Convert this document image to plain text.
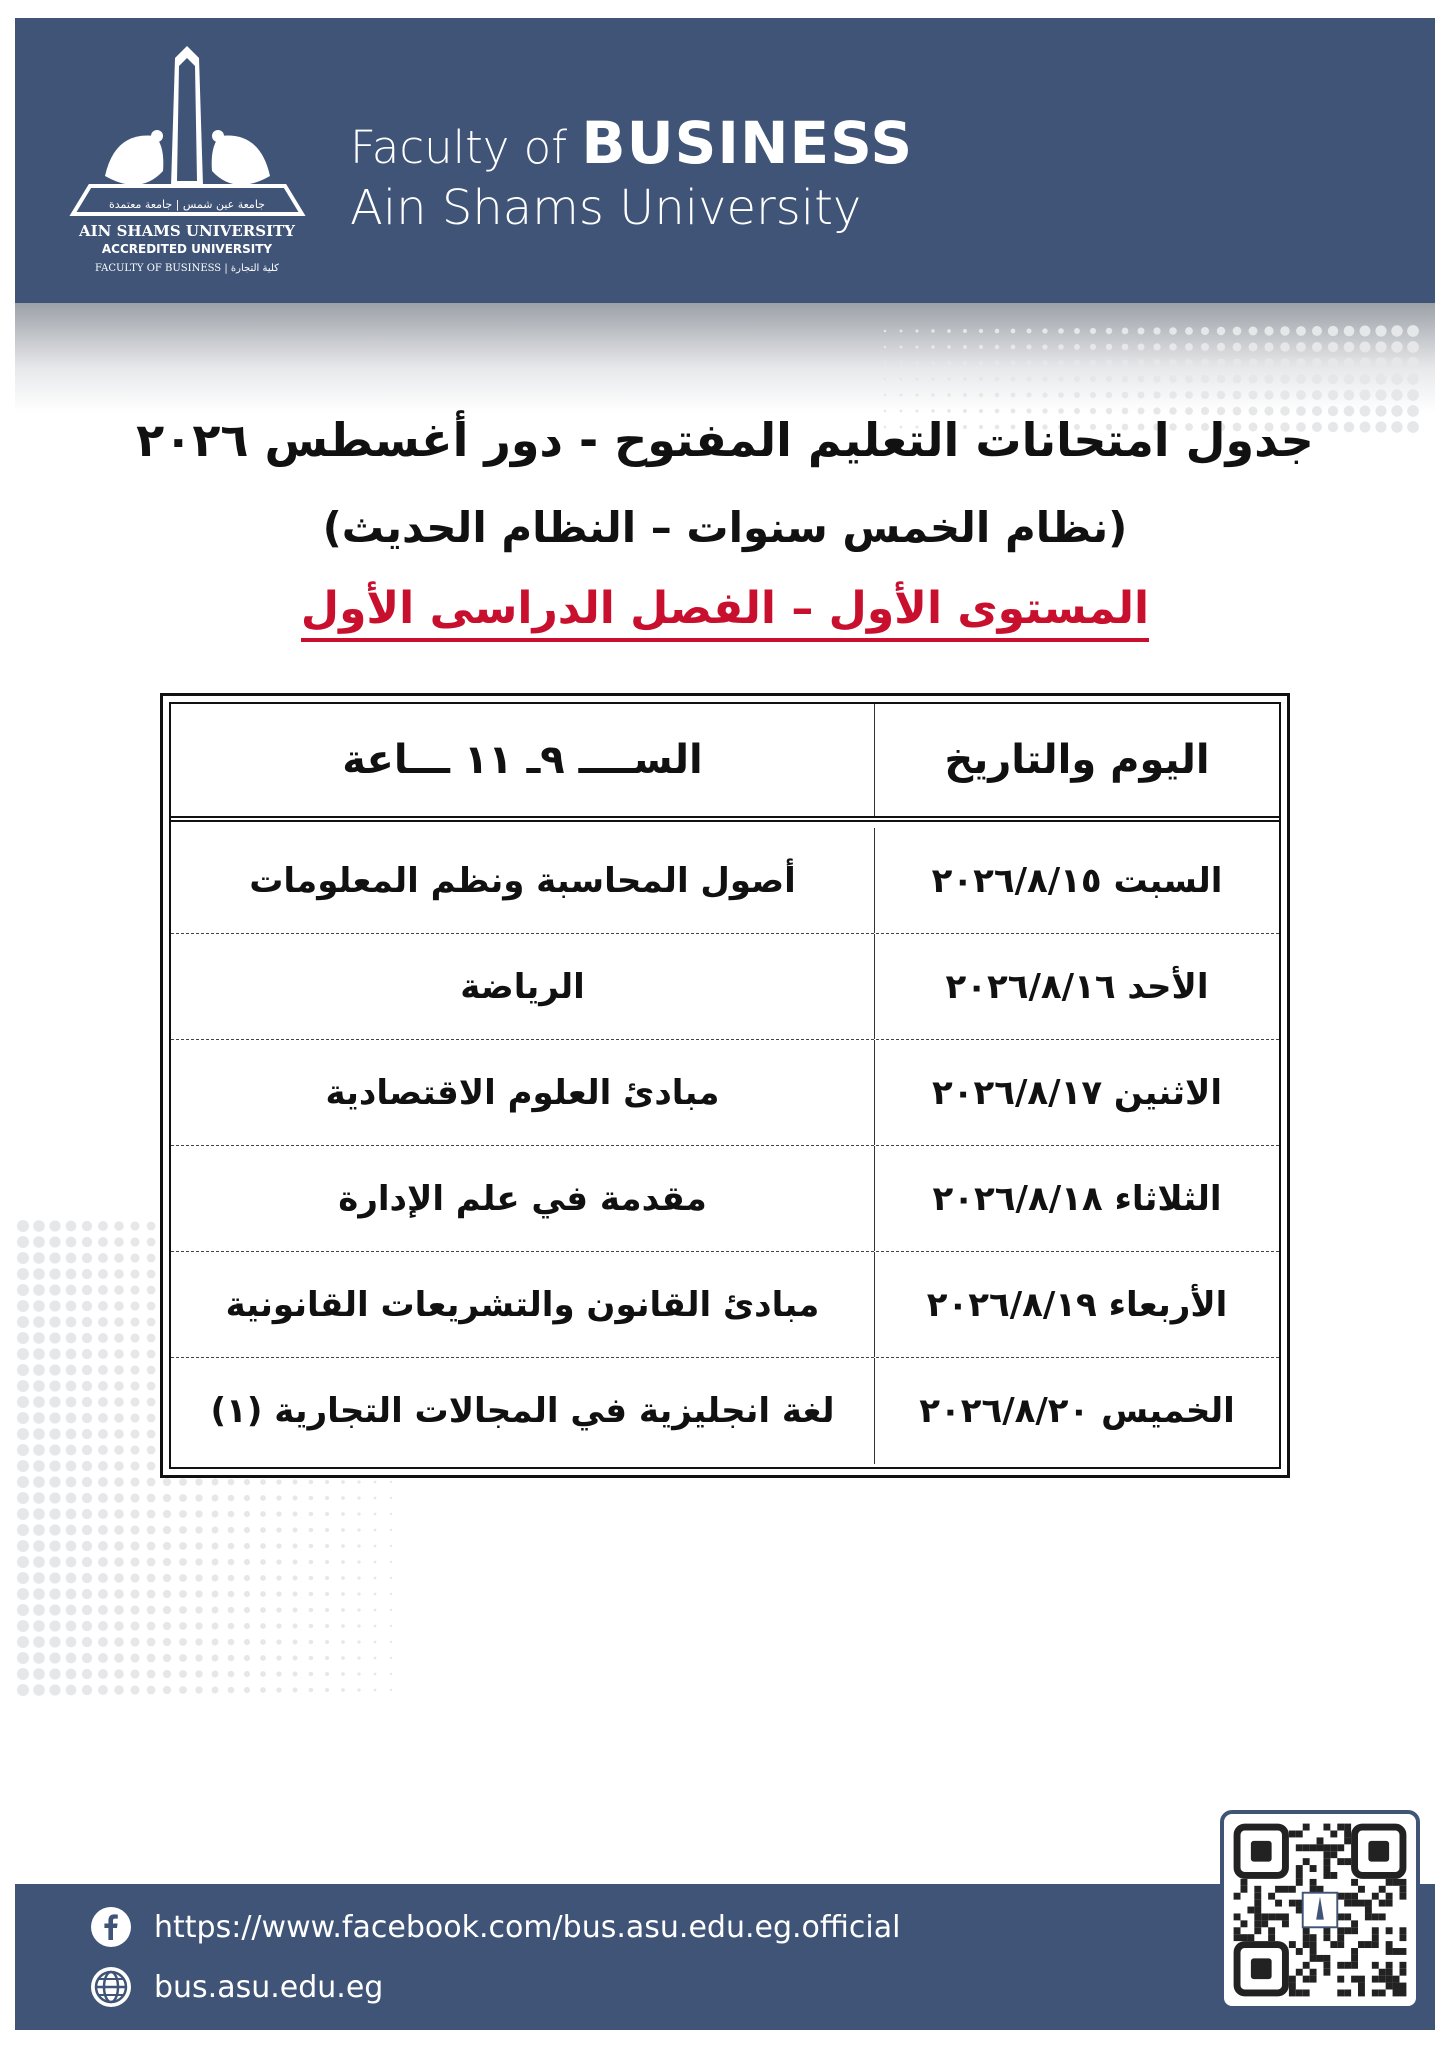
جامعة عين شمس | جامعة معتمدة
AIN SHAMS UNIVERSITY
ACCREDITED UNIVERSITY
FACULTY OF BUSINESS | كلية التجارة
Faculty of BUSINESS
Ain Shams University
جدول امتحانات التعليم المفتوح - دور أغسطس ٢٠٢٦
(نظام الخمس سنوات – النظام الحديث)
المستوى الأول – الفصل الدراسى الأول
اليوم والتاريخ
الســــ ٩ـ ١١ ـــاعة
السبت ٢٠٢٦/٨/١٥
أصول المحاسبة ونظم المعلومات
الأحد ٢٠٢٦/٨/١٦
الرياضة
الاثنين ٢٠٢٦/٨/١٧
مبادئ العلوم الاقتصادية
الثلاثاء ٢٠٢٦/٨/١٨
مقدمة في علم الإدارة
الأربعاء ٢٠٢٦/٨/١٩
مبادئ القانون والتشريعات القانونية
الخميس ٢٠٢٦/٨/٢٠
لغة انجليزية في المجالات التجارية (١)
https://www.facebook.com/bus.asu.edu.eg.official
bus.asu.edu.eg
